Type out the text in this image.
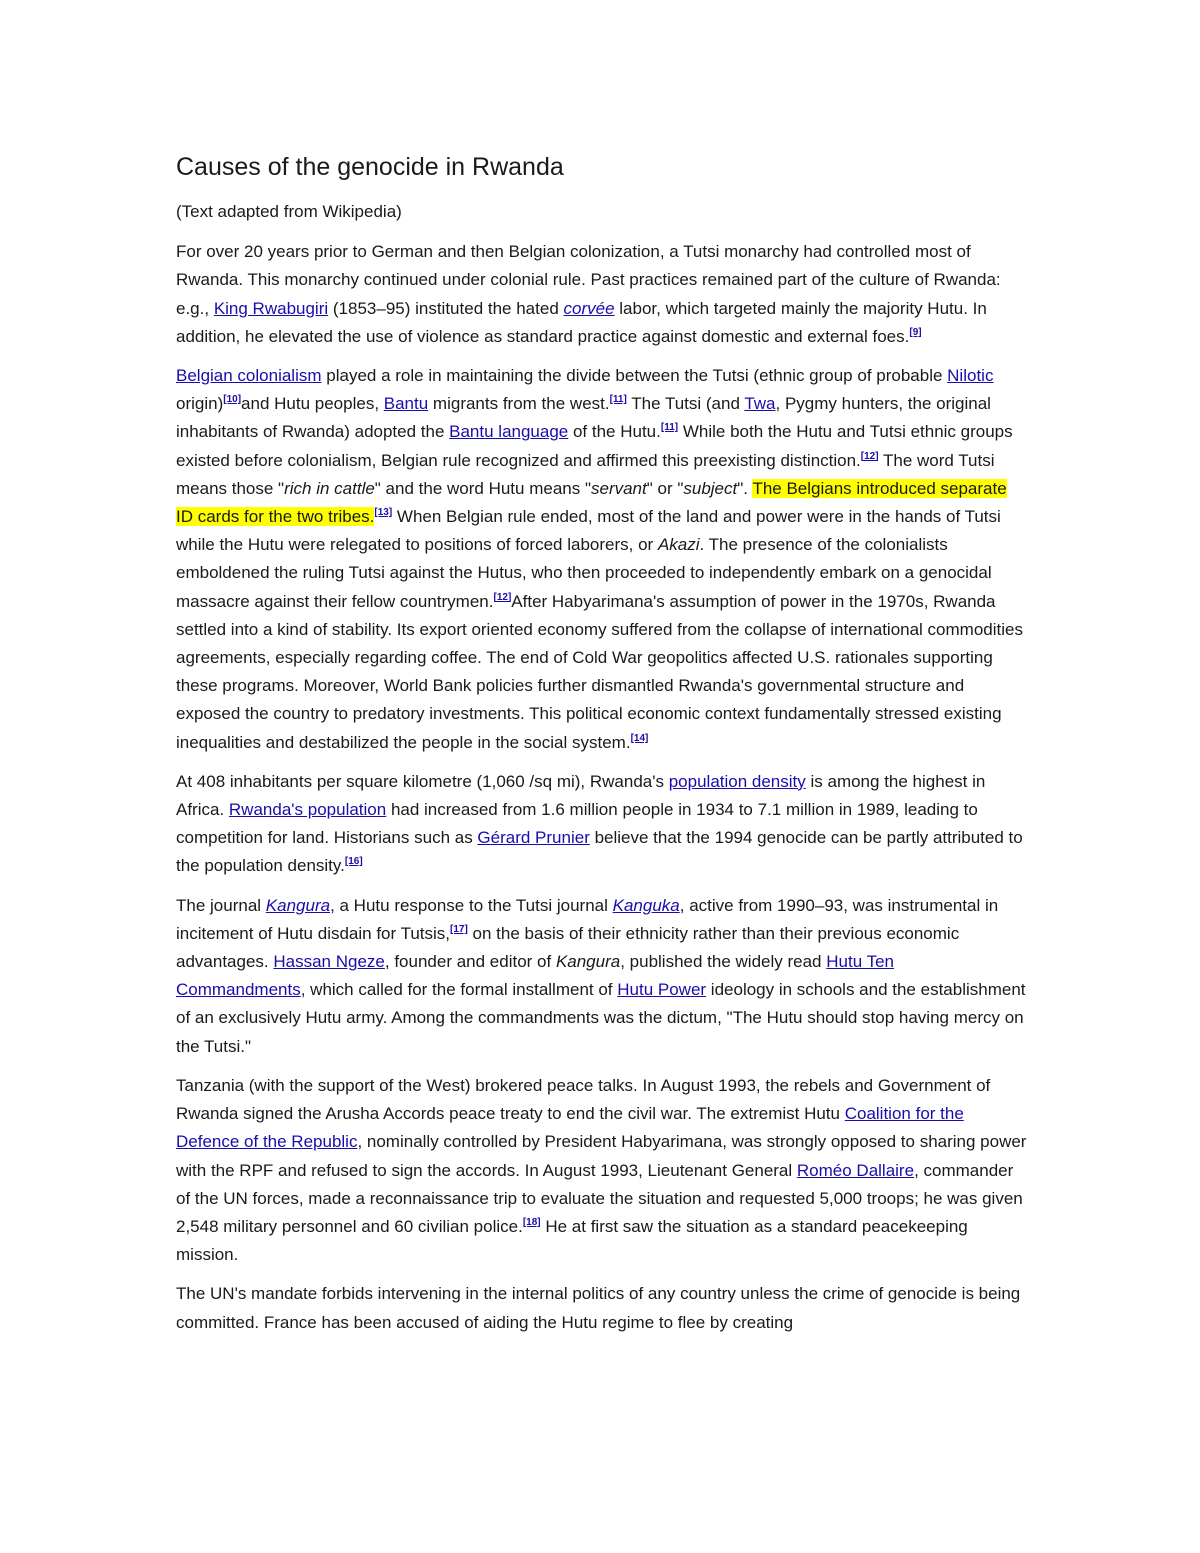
Causes of the genocide in Rwanda

(Text adapted from Wikipedia)

For over 20 years prior to German and then Belgian colonization, a Tutsi monarchy had controlled most of Rwanda. This monarchy continued under colonial rule. Past practices remained part of the culture of Rwanda: e.g., King Rwabugiri (1853–95) instituted the hated corvée labor, which targeted mainly the majority Hutu. In addition, he elevated the use of violence as standard practice against domestic and external foes.[9]

Belgian colonialism played a role in maintaining the divide between the Tutsi (ethnic group of probable Nilotic origin)[10]and Hutu peoples, Bantu migrants from the west.[11] The Tutsi (and Twa, Pygmy hunters, the original inhabitants of Rwanda) adopted the Bantu language of the Hutu.[11] While both the Hutu and Tutsi ethnic groups existed before colonialism, Belgian rule recognized and affirmed this preexisting distinction.[12] The word Tutsi means those "rich in cattle" and the word Hutu means "servant" or "subject". The Belgians introduced separate ID cards for the two tribes.[13] When Belgian rule ended, most of the land and power were in the hands of Tutsi while the Hutu were relegated to positions of forced laborers, or Akazi. The presence of the colonialists emboldened the ruling Tutsi against the Hutus, who then proceeded to independently embark on a genocidal massacre against their fellow countrymen.[12]After Habyarimana's assumption of power in the 1970s, Rwanda settled into a kind of stability. Its export oriented economy suffered from the collapse of international commodities agreements, especially regarding coffee. The end of Cold War geopolitics affected U.S. rationales supporting these programs. Moreover, World Bank policies further dismantled Rwanda's governmental structure and exposed the country to predatory investments. This political economic context fundamentally stressed existing inequalities and destabilized the people in the social system.[14]

At 408 inhabitants per square kilometre (1,060 /sq mi), Rwanda's population density is among the highest in Africa. Rwanda's population had increased from 1.6 million people in 1934 to 7.1 million in 1989, leading to competition for land. Historians such as Gérard Prunier believe that the 1994 genocide can be partly attributed to the population density.[16]

The journal Kangura, a Hutu response to the Tutsi journal Kanguka, active from 1990–93, was instrumental in incitement of Hutu disdain for Tutsis,[17] on the basis of their ethnicity rather than their previous economic advantages. Hassan Ngeze, founder and editor of Kangura, published the widely read Hutu Ten Commandments, which called for the formal installment of Hutu Power ideology in schools and the establishment of an exclusively Hutu army. Among the commandments was the dictum, "The Hutu should stop having mercy on the Tutsi."

Tanzania (with the support of the West) brokered peace talks. In August 1993, the rebels and Government of Rwanda signed the Arusha Accords peace treaty to end the civil war. The extremist Hutu Coalition for the Defence of the Republic, nominally controlled by President Habyarimana, was strongly opposed to sharing power with the RPF and refused to sign the accords. In August 1993, Lieutenant General Roméo Dallaire, commander of the UN forces, made a reconnaissance trip to evaluate the situation and requested 5,000 troops; he was given 2,548 military personnel and 60 civilian police.[18] He at first saw the situation as a standard peacekeeping mission.

The UN's mandate forbids intervening in the internal politics of any country unless the crime of genocide is being committed. France has been accused of aiding the Hutu regime to flee by creating
